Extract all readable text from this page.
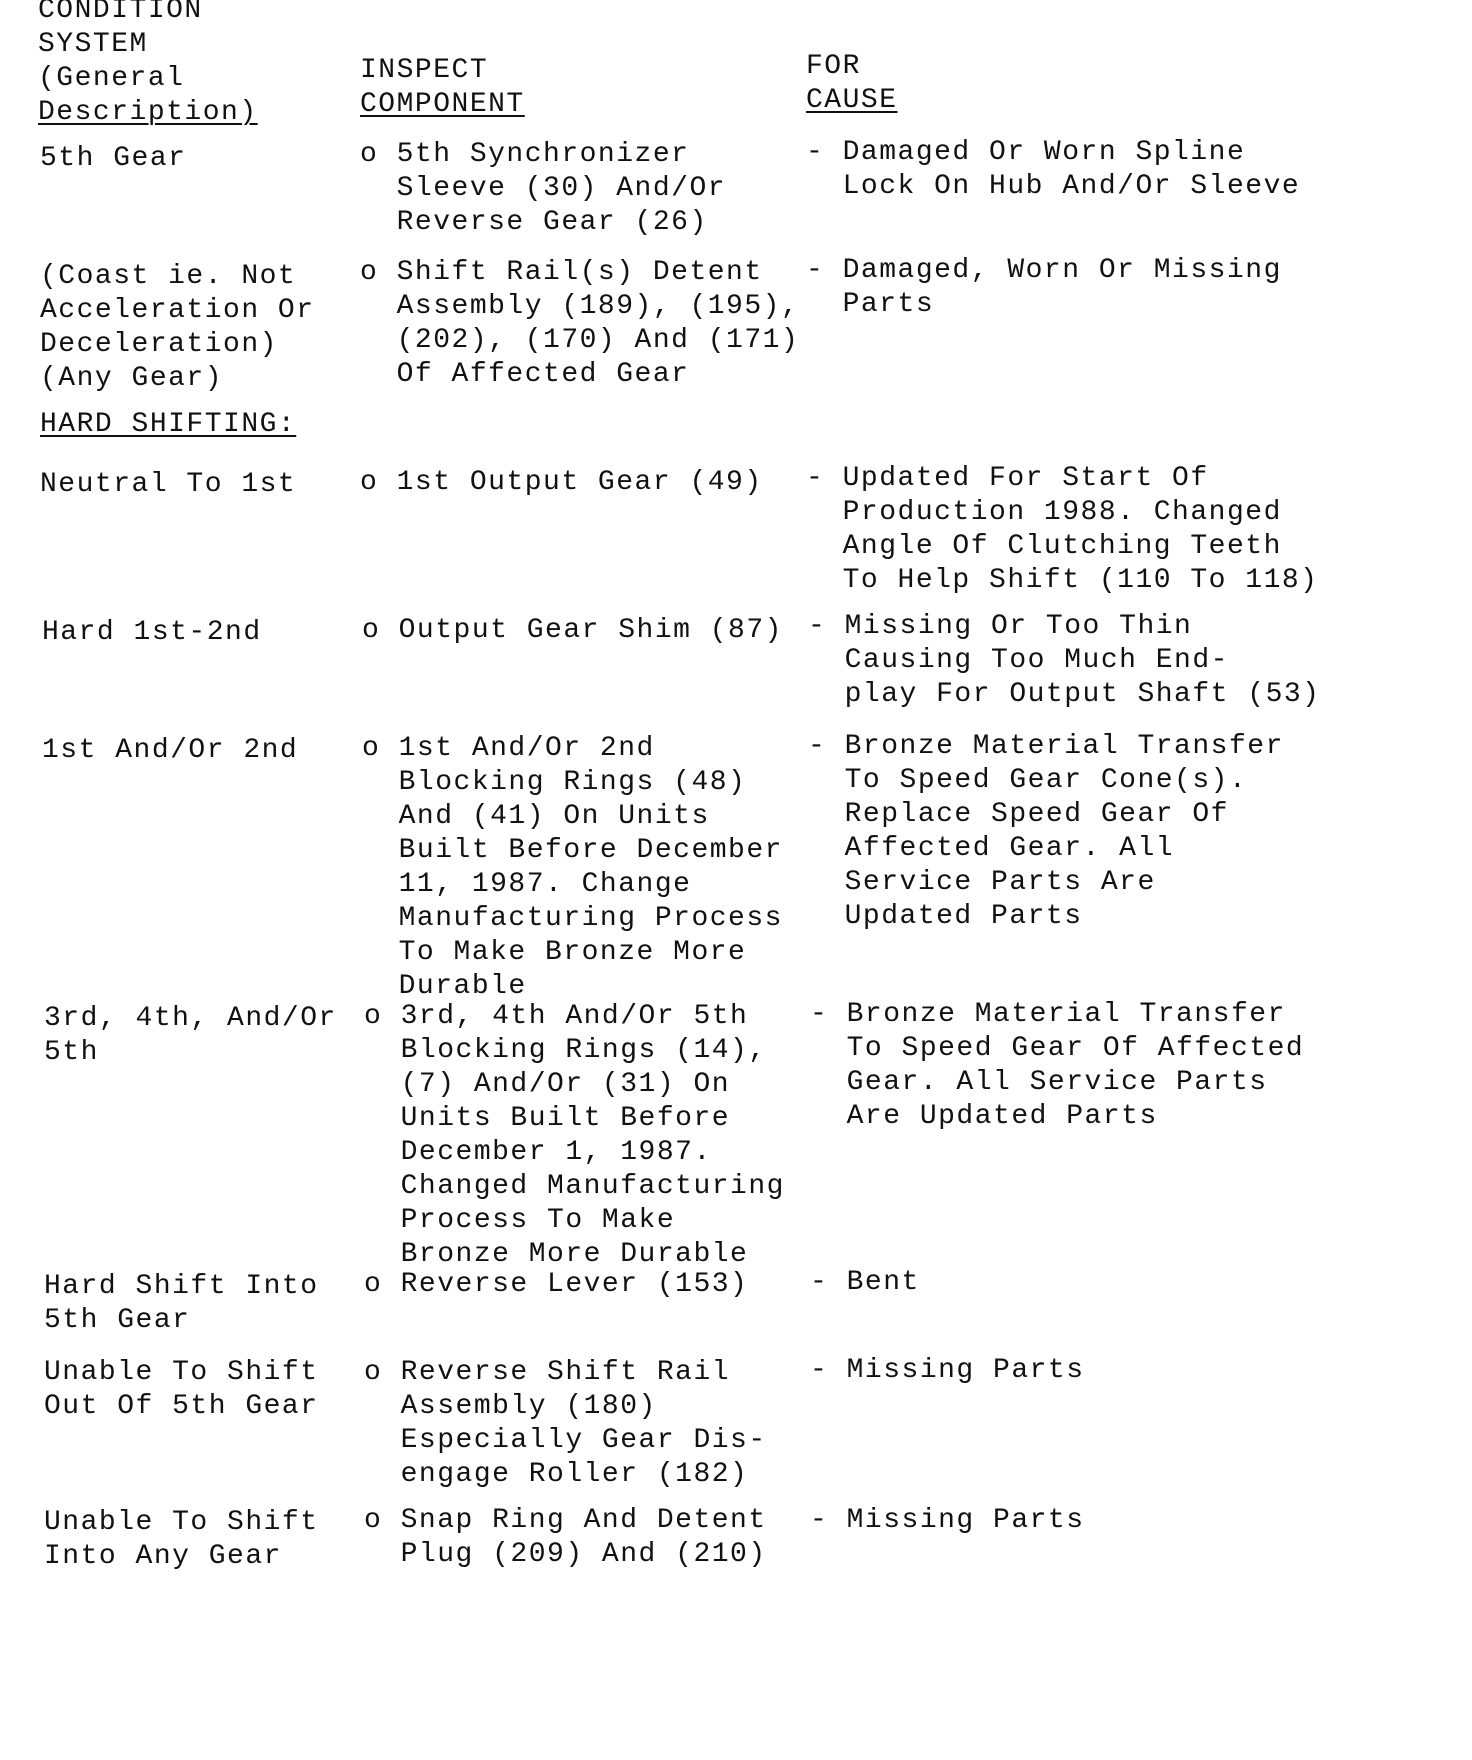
CONDITION
SYSTEM
(General
Description)
INSPECT
COMPONENT
FOR
CAUSE
5th Gear	o 5th Synchronizer
Sleeve (30) And/Or
Reverse Gear (26)
- Damaged Or Worn Spline
Lock On Hub And/Or Sleeve
(Coast ie. Not
Acceleration Or
Deceleration)
(Any Gear)
o Shift Rail(s) Detent
Assembly (189), (195),
(202), (170) And (171)
Of Affected Gear
- Damaged, Worn Or Missing
Parts
HARD SHIFTING:
Neutral To 1st o 1st Output Gear (49) - Updated For Start Of
Production 1988. Changed
Angle Of Clutching Teeth
To Help Shift (110 To 118)
Hard 1st-2nd	o Output Gear Shim (87) - Missing Or Too Thin
Causing Too Much End-
play For Output Shaft (53)
1st And/Or 2nd o 1st And/Or 2nd
Blocking Rings (48)
And (41) On Units
Built Before December
11, 1987. Change
Manufacturing Process
To Make Bronze More
Durable
- Bronze Material Transfer
To Speed Gear Cone(s).
Replace Speed Gear Of
Affected Gear. All
Service Parts Are
Updated Parts
3rd, 4th, And/Or
5th
o 3rd, 4th And/Or 5th
Blocking Rings (14),
(7) And/Or (31) On
Units Built Before
December 1, 1987.
Changed Manufacturing
Process To Make
Bronze More Durable
- Bronze Material Transfer
To Speed Gear Of Affected
Gear. All Service Parts
Are Updated Parts
Hard Shift Into
5th Gear
o Reverse Lever (153) - Bent
Unable To Shift
Out Of 5th Gear
o Reverse Shift Rail
Assembly (180)
Especially Gear Dis-
engage Roller (182)
- Missing Parts
Unable To Shift
Into Any Gear
o Snap Ring And Detent
Plug (209) And (210)
- Missing Parts
